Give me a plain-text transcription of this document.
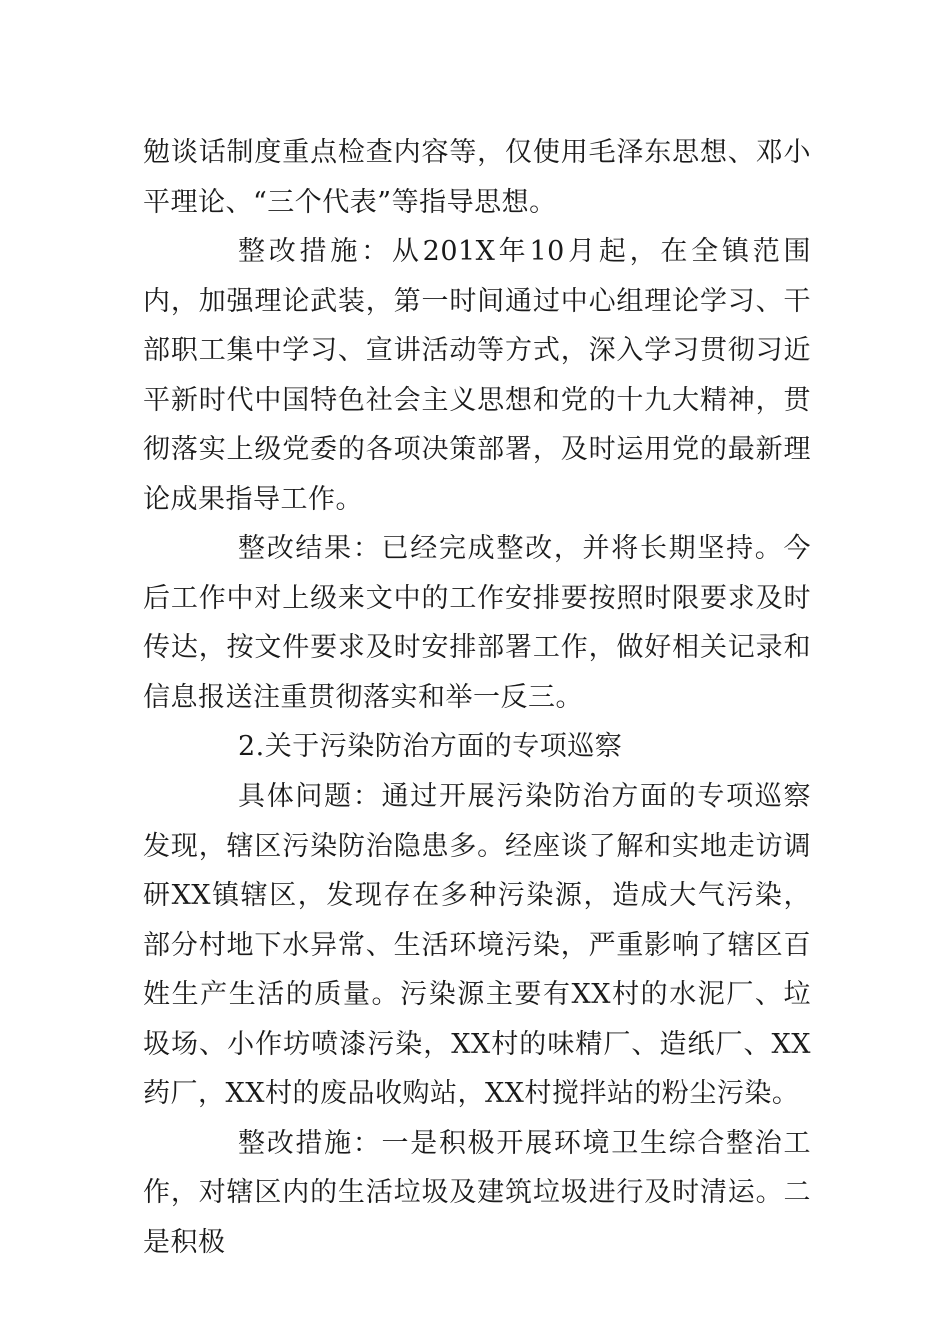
勉谈话制度重点检查内容等，仅使用毛泽东思想、邓小平理论、“三个代表”等指导思想。

整改措施：从201X年10月起，在全镇范围内，加强理论武装，第一时间通过中心组理论学习、干部职工集中学习、宣讲活动等方式，深入学习贯彻习近平新时代中国特色社会主义思想和党的十九大精神，贯彻落实上级党委的各项决策部署，及时运用党的最新理论成果指导工作。

整改结果：已经完成整改，并将长期坚持。今后工作中对上级来文中的工作安排要按照时限要求及时传达，按文件要求及时安排部署工作，做好相关记录和信息报送注重贯彻落实和举一反三。

2.关于污染防治方面的专项巡察

具体问题：通过开展污染防治方面的专项巡察发现，辖区污染防治隐患多。经座谈了解和实地走访调研XX镇辖区，发现存在多种污染源，造成大气污染，部分村地下水异常、生活环境污染，严重影响了辖区百姓生产生活的质量。污染源主要有XX村的水泥厂、垃圾场、小作坊喷漆污染，XX村的味精厂、造纸厂、XX药厂，XX村的废品收购站，XX村搅拌站的粉尘污染。

整改措施：一是积极开展环境卫生综合整治工作，对辖区内的生活垃圾及建筑垃圾进行及时清运。二是积极
